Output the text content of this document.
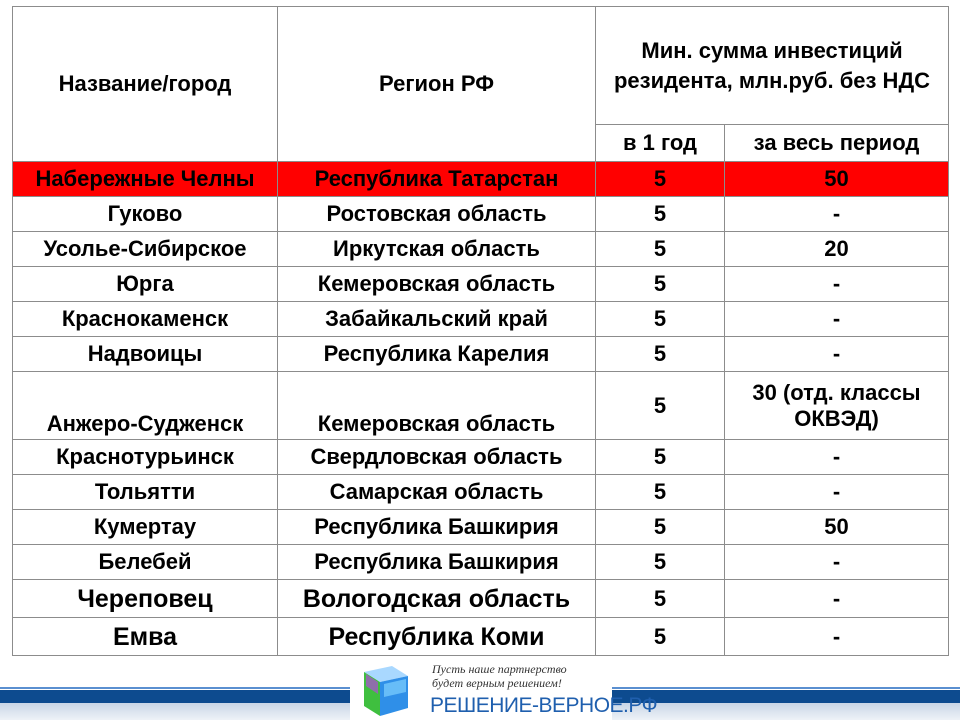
Название/город	Регион РФ	Мин. сумма инвестиций
резидента, млн.руб. без НДС	

		в 1 год	за весь период
Набережные Челны	Республика Татарстан	5	50
Гуково	Ростовская область	5	-
Усолье-Сибирское	Иркутская область	5	20
Юрга	Кемеровская область	5	-
Краснокаменск	Забайкальский край	5	-
Надвоицы	Республика Карелия	5	-
Анжеро-Судженск	Кемеровская область	5	30 (отд. классы
ОКВЭД)

Краснотурьинск	Свердловская область	5	-
Тольятти	Самарская область	5	-
Кумертау	Республика Башкирия	5	50
Белебей	Республика Башкирия	5	-
Череповец	Вологодская область	5	-
Емва	Республика Коми	5	-
Пусть наше партнерство
будет верным решением!
РЕШЕНИЕ-ВЕРНОЕ.РФ
